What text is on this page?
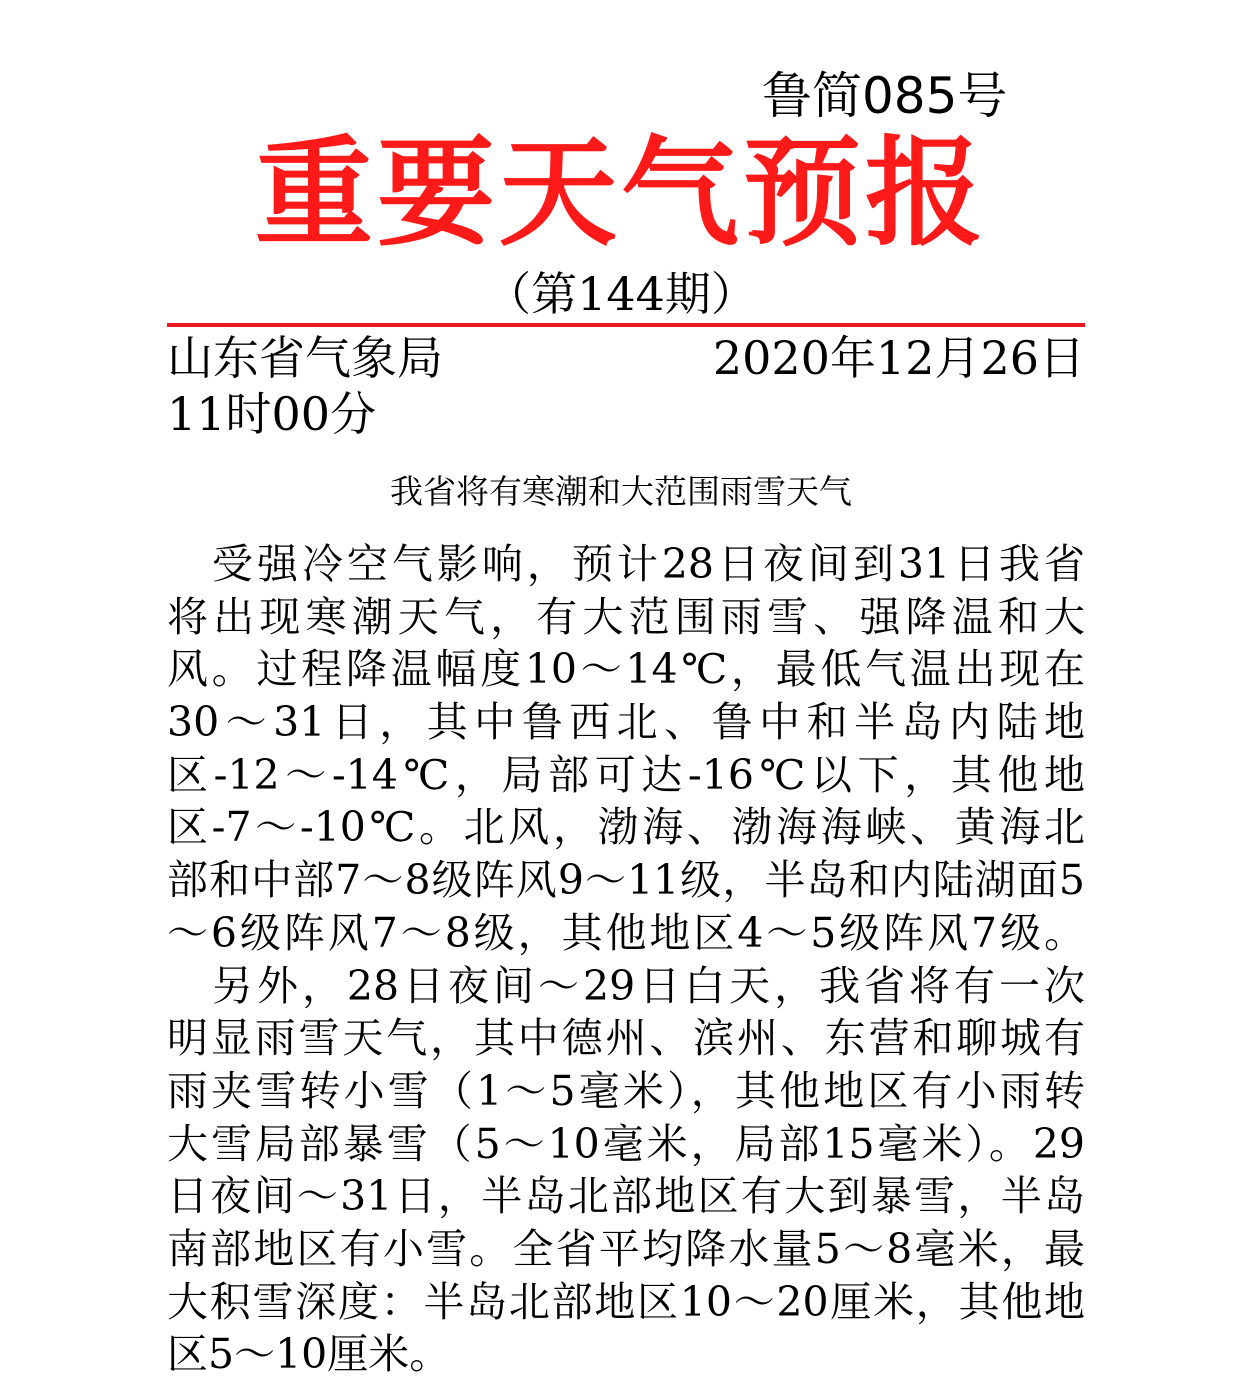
鲁简085号
重要天气预报
（第144期）
山东省气象局	2020年12月26日
11时00分
我省将有寒潮和大范围雨雪天气
　受强冷空气影响，预计28日夜间到31日我省
将出现寒潮天气，有大范围雨雪、强降温和大
风。过程降温幅度10～14℃，最低气温出现在
30～31日，其中鲁西北、鲁中和半岛内陆地
区-12～-14℃，局部可达-16℃以下，其他地
区-7～-10℃。北风，渤海、渤海海峡、黄海北
部和中部7～8级阵风9～11级，半岛和内陆湖面5
～6级阵风7～8级，其他地区4～5级阵风7级。
　另外，28日夜间～29日白天，我省将有一次
明显雨雪天气，其中德州、滨州、东营和聊城有
雨夹雪转小雪（1～5毫米），其他地区有小雨转
大雪局部暴雪（5～10毫米，局部15毫米）。29
日夜间～31日，半岛北部地区有大到暴雪，半岛
南部地区有小雪。全省平均降水量5～8毫米，最
大积雪深度：半岛北部地区10～20厘米，其他地
区5～10厘米。
